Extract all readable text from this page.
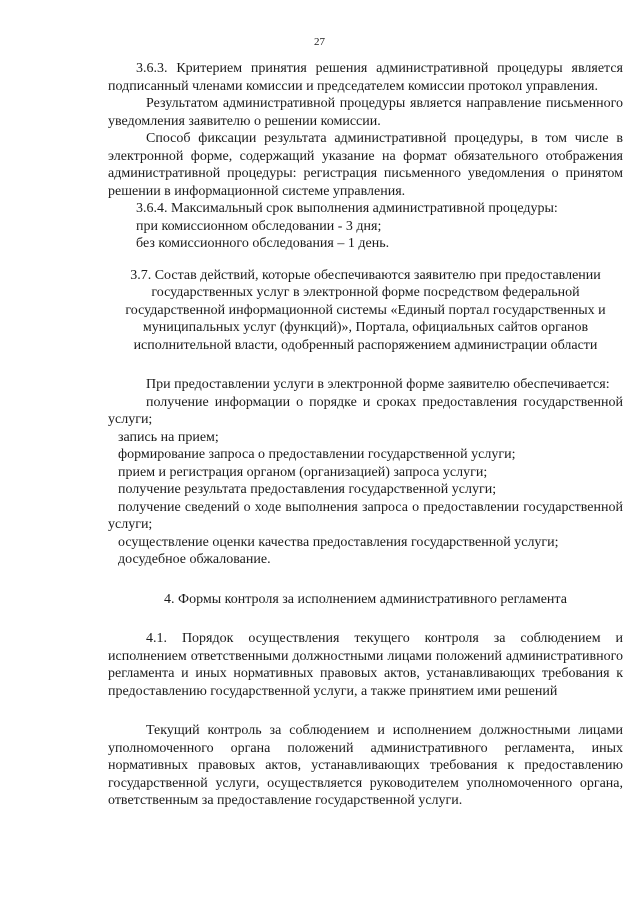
27

3.6.3. Критерием принятия решения административной процедуры является подписанный членами комиссии и председателем комиссии протокол управления.

Результатом административной процедуры является направление письменного уведомления заявителю о решении комиссии.

Способ фиксации результата административной процедуры, в том числе в электронной форме, содержащий указание на формат обязательного отображения административной процедуры: регистрация письменного уведомления о принятом решении в информационной системе управления.

3.6.4. Максимальный срок выполнения административной процедуры:

при комиссионном обследовании - 3 дня;

без комиссионного обследования – 1 день.

3.7. Состав действий, которые обеспечиваются заявителю при предоставлении государственных услуг в электронной форме посредством федеральной государственной информационной системы «Единый портал государственных и муниципальных услуг (функций)», Портала, официальных сайтов органов исполнительной власти, одобренный распоряжением администрации области

При предоставлении услуги в электронной форме заявителю обеспечивается:

получение информации о порядке и сроках предоставления государственной услуги;
запись на прием;
формирование запроса о предоставлении государственной услуги;
прием и регистрация органом (организацией) запроса услуги;
получение результата предоставления государственной услуги;
получение сведений о ходе выполнения запроса о предоставлении государственной услуги;
осуществление оценки качества предоставления государственной услуги;
досудебное обжалование.

4. Формы контроля за исполнением административного регламента

4.1. Порядок осуществления текущего контроля за соблюдением и исполнением ответственными должностными лицами положений административного регламента и иных нормативных правовых актов, устанавливающих требования к предоставлению государственной услуги, а также принятием ими решений

Текущий контроль за соблюдением и исполнением должностными лицами уполномоченного органа положений административного регламента, иных нормативных правовых актов, устанавливающих требования к предоставлению государственной услуги, осуществляется руководителем уполномоченного органа, ответственным за предоставление государственной услуги.
